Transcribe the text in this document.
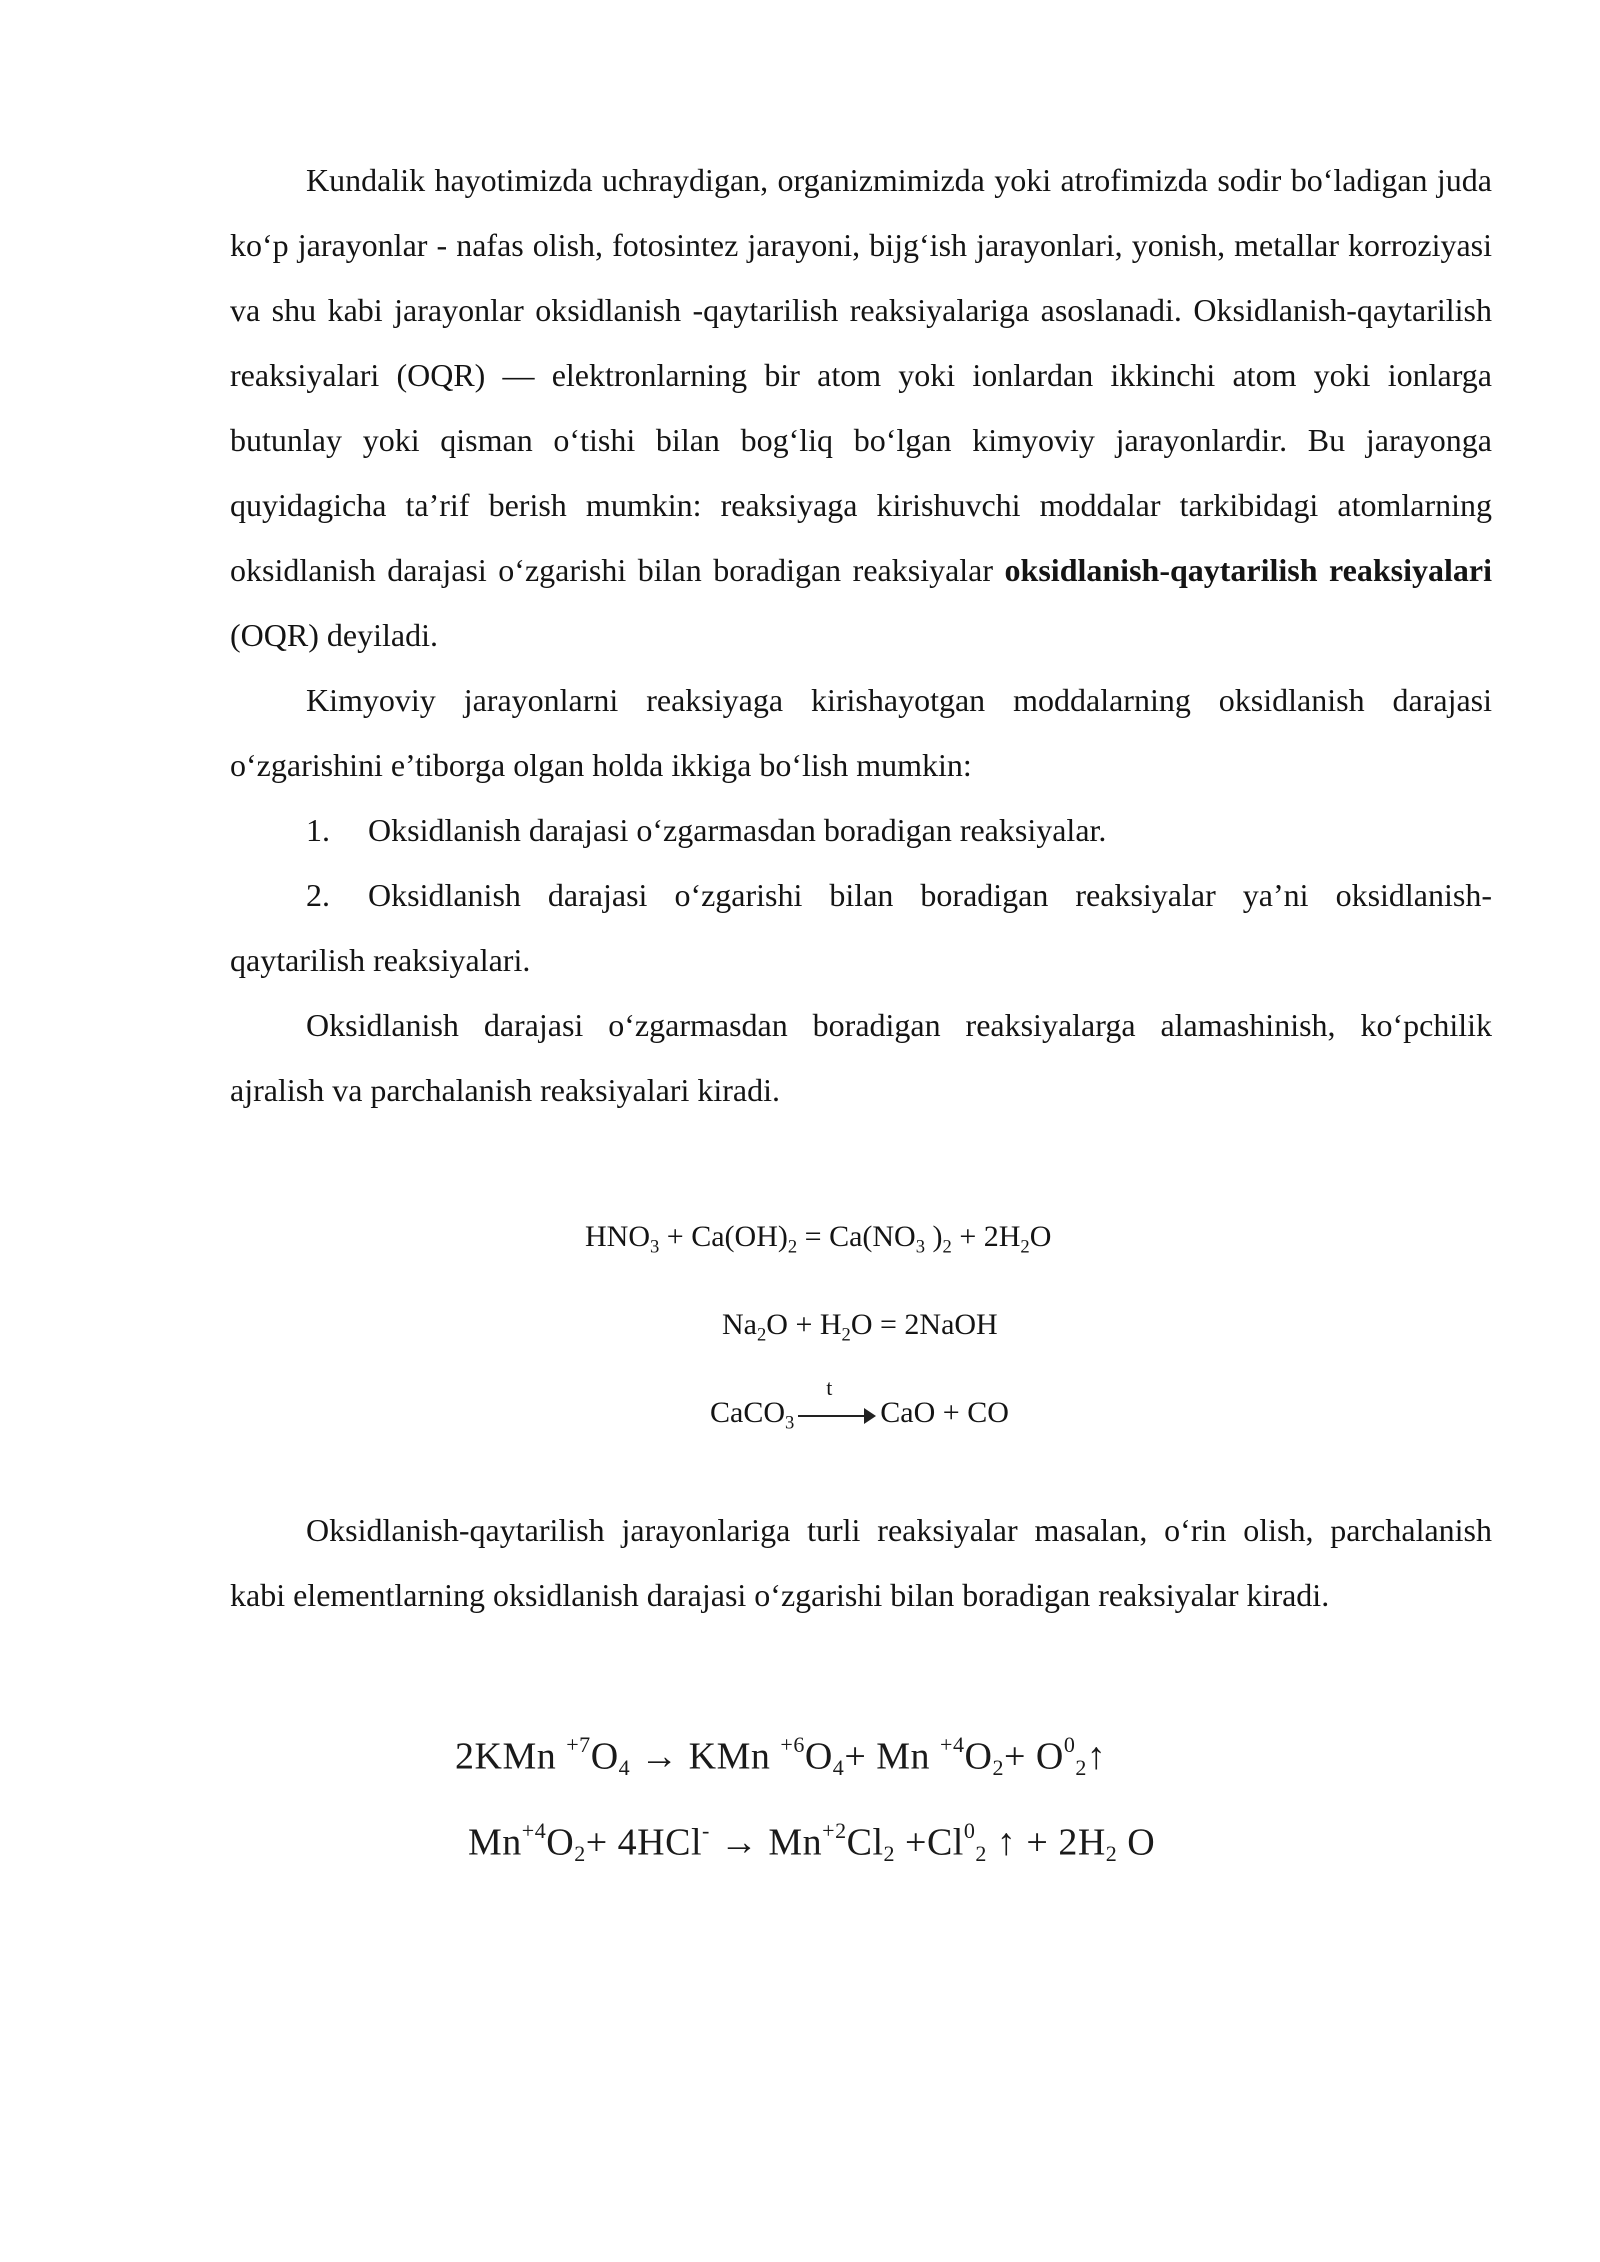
Kundalik hayotimizda uchraydigan, organizmimizda yoki atrofimizda sodir bo‘ladigan juda ko‘p jarayonlar - nafas olish, fotosintez jarayoni, bijg‘ish jarayonlari, yonish, metallar korroziyasi va shu kabi jarayonlar oksidlanish -qaytarilish reaksiyalariga asoslanadi. Oksidlanish-qaytarilish reaksiyalari (OQR) — elektronlarning bir atom yoki ionlardan ikkinchi atom yoki ionlarga butunlay yoki qisman o‘tishi bilan bog‘liq bo‘lgan kimyoviy jarayonlardir. Bu jarayonga quyidagicha ta’rif berish mumkin: reaksiyaga kirishuvchi moddalar tarkibidagi atomlarning oksidlanish darajasi o‘zgarishi bilan boradigan reaksiyalar oksidlanish-qaytarilish reaksiyalari (OQR) deyiladi.

Kimyoviy jarayonlarni reaksiyaga kirishayotgan moddalarning oksidlanish darajasi o‘zgarishini e’tiborga olgan holda ikkiga bo‘lish mumkin:

1. Oksidlanish darajasi o‘zgarmasdan boradigan reaksiyalar.
2. Oksidlanish darajasi o‘zgarishi bilan boradigan reaksiyalar ya’ni oksidlanish- qaytarilish reaksiyalari.

Oksidlanish darajasi o‘zgarmasdan boradigan reaksiyalarga alamashinish, ko‘pchilik ajralish va parchalanish reaksiyalari kiradi.

$HNO_3 + Ca(OH)_2 = Ca(NO_3$ )$_2 + 2H_2O$
$Na_2O + H_2O$ = 2NaOH
CaCO$_3$
t
CaO + CO

Oksidlanish-qaytarilish jarayonlariga turli reaksiyalar masalan, o‘rin olish, parchalanish kabi elementlarning oksidlanish darajasi o‘zgarishi bilan boradigan reaksiyalar kiradi.

2KMn $^{+7}O_4$ → KMn $^{+6}O_4+ Mn$ $^{+4}O_2+$ $O^0_2↑$
$Mn^{+4}O_2+ 4HCl^- \to Mn^{+2}Cl_2 +Cl^0_2$ ↑ + $2H_2$ O
